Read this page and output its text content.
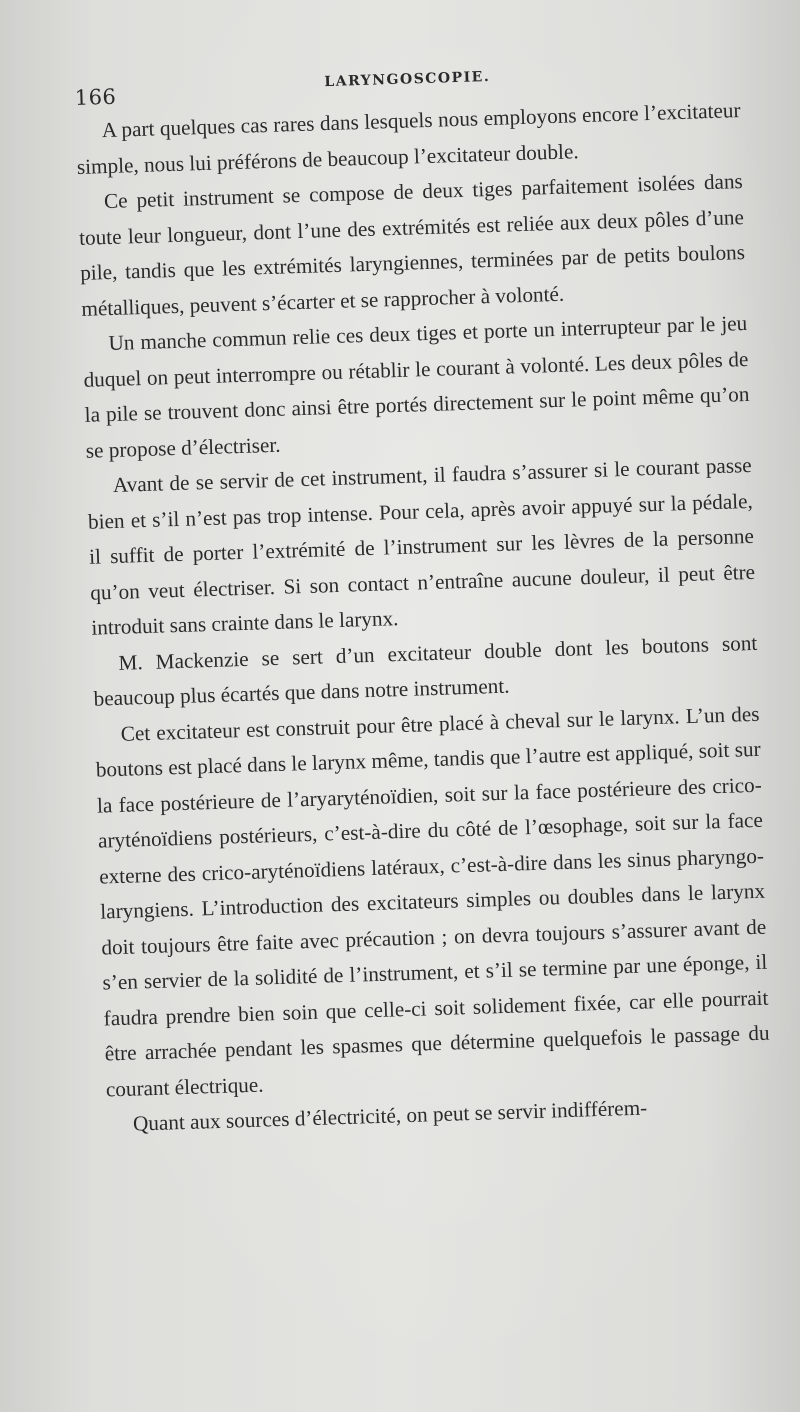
166
LARYNGOSCOPIE.

A part quelques cas rares dans lesquels nous employons encore l’excitateur simple, nous lui préférons de beaucoup l’excitateur double.

Ce petit instrument se compose de deux tiges parfaitement isolées dans toute leur longueur, dont l’une des extrémités est reliée aux deux pôles d’une pile, tandis que les extrémités laryngiennes, terminées par de petits boulons métalliques, peuvent s’écarter et se rapprocher à volonté.

Un manche commun relie ces deux tiges et porte un interrupteur par le jeu duquel on peut interrompre ou rétablir le courant à volonté. Les deux pôles de la pile se trouvent donc ainsi être portés directement sur le point même qu’on se propose d’électriser.

Avant de se servir de cet instrument, il faudra s’assurer si le courant passe bien et s’il n’est pas trop intense. Pour cela, après avoir appuyé sur la pédale, il suffit de porter l’extrémité de l’instrument sur les lèvres de la personne qu’on veut électriser. Si son contact n’entraîne aucune douleur, il peut être introduit sans crainte dans le larynx.

M. Mackenzie se sert d’un excitateur double dont les boutons sont beaucoup plus écartés que dans notre instrument.

Cet excitateur est construit pour être placé à cheval sur le larynx. L’un des boutons est placé dans le larynx même, tandis que l’autre est appliqué, soit sur la face postérieure de l’aryaryténoïdien, soit sur la face postérieure des crico-aryténoïdiens postérieurs, c’est-à-dire du côté de l’œsophage, soit sur la face externe des crico-aryténoïdiens latéraux, c’est-à-dire dans les sinus pharyngo-laryngiens. L’introduction des excitateurs simples ou doubles dans le larynx doit toujours être faite avec précaution ; on devra toujours s’assurer avant de s’en servier de la solidité de l’instrument, et s’il se termine par une éponge, il faudra prendre bien soin que celle-ci soit solidement fixée, car elle pourrait être arrachée pendant les spasmes que détermine quelquefois le passage du courant électrique.

Quant aux sources d’électricité, on peut se servir indifférem-
